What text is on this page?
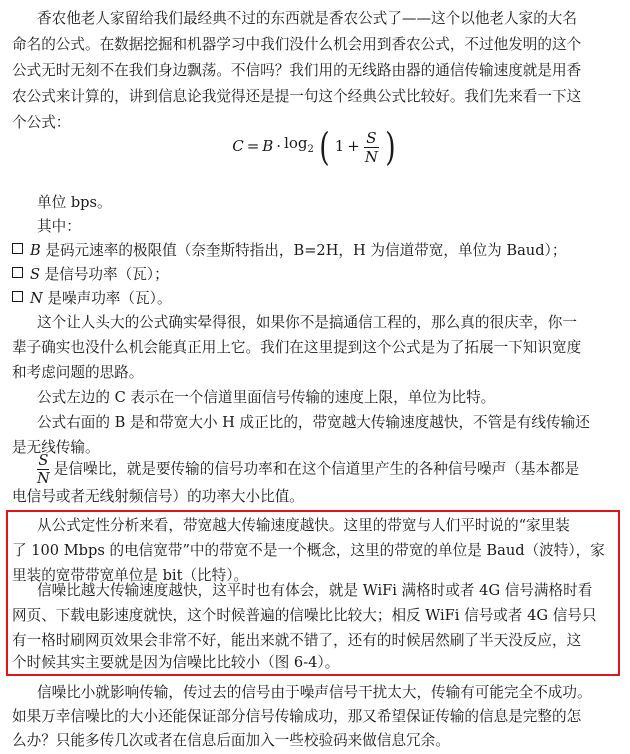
香农他老人家留给我们最经典不过的东西就是香农公式了——这个以他老人家的大名

命名的公式。在数据挖掘和机器学习中我们没什么机会用到香农公式，不过他发明的这个

公式无时无刻不在我们身边飘荡。不信吗？我们用的无线路由器的通信传输速度就是用香

农公式来计算的，讲到信息论我觉得还是提一句这个经典公式比较好。我们先来看一下这

个公式：

$C = B \cdot \log_2$ ( $1 + \frac{S}{N}$ )

单位 bps。

其中：

B 是码元速率的极限值（奈奎斯特指出，B=2H，H 为信道带宽，单位为 Baud）；

S 是信号功率（瓦）；

N 是噪声功率（瓦）。

这个让人头大的公式确实晕得很，如果你不是搞通信工程的，那么真的很庆幸，你一

辈子确实也没什么机会能真正用上它。我们在这里提到这个公式是为了拓展一下知识宽度

和考虑问题的思路。

公式左边的 C 表示在一个信道里面信号传输的速度上限，单位为比特。

公式右面的 B 是和带宽大小 H 成正比的，带宽越大传输速度越快，不管是有线传输还

是无线传输。

$\frac{S}{N}$ 是信噪比，就是要传输的信号功率和在这个信道里产生的各种信号噪声（基本都是

电信号或者无线射频信号）的功率大小比值。

从公式定性分析来看，带宽越大传输速度越快。这里的带宽与人们平时说的“家里装

了 100 Mbps 的电信宽带”中的带宽不是一个概念，这里的带宽的单位是 Baud（波特），家

里装的宽带带宽单位是 bit（比特）。

信噪比越大传输速度越快，这平时也有体会，就是 WiFi 满格时或者 4G 信号满格时看

网页、下载电影速度就快，这个时候普遍的信噪比比较大；相反 WiFi 信号或者 4G 信号只

有一格时刷网页效果会非常不好，能出来就不错了，还有的时候居然刷了半天没反应，这

个时候其实主要就是因为信噪比比较小（图 6-4）。

信噪比小就影响传输，传过去的信号由于噪声信号干扰太大，传输有可能完全不成功。

如果万幸信噪比的大小还能保证部分信号传输成功，那又希望保证传输的信息是完整的怎

么办？只能多传几次或者在信息后面加入一些校验码来做信息冗余。
